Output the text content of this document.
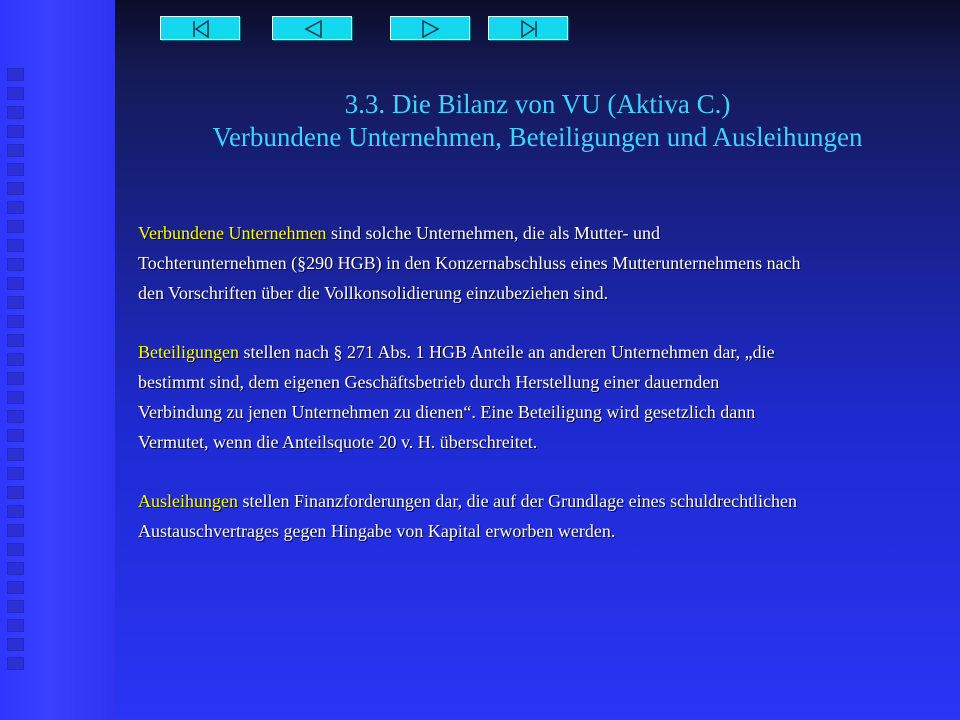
3.3. Die Bilanz von VU (Aktiva C.)
Verbundene Unternehmen, Beteiligungen und Ausleihungen
Verbundene Unternehmen sind solche Unternehmen, die als Mutter- und
Tochterunternehmen (§290 HGB) in den Konzernabschluss eines Mutterunternehmens nach
den Vorschriften über die Vollkonsolidierung einzubeziehen sind.
Beteiligungen stellen nach § 271 Abs. 1 HGB Anteile an anderen Unternehmen dar, „die
bestimmt sind, dem eigenen Geschäftsbetrieb durch Herstellung einer dauernden
Verbindung zu jenen Unternehmen zu dienen“. Eine Beteiligung wird gesetzlich dann
Vermutet, wenn die Anteilsquote 20 v. H. überschreitet.
Ausleihungen stellen Finanzforderungen dar, die auf der Grundlage eines schuldrechtlichen
Austauschvertrages gegen Hingabe von Kapital erworben werden.
